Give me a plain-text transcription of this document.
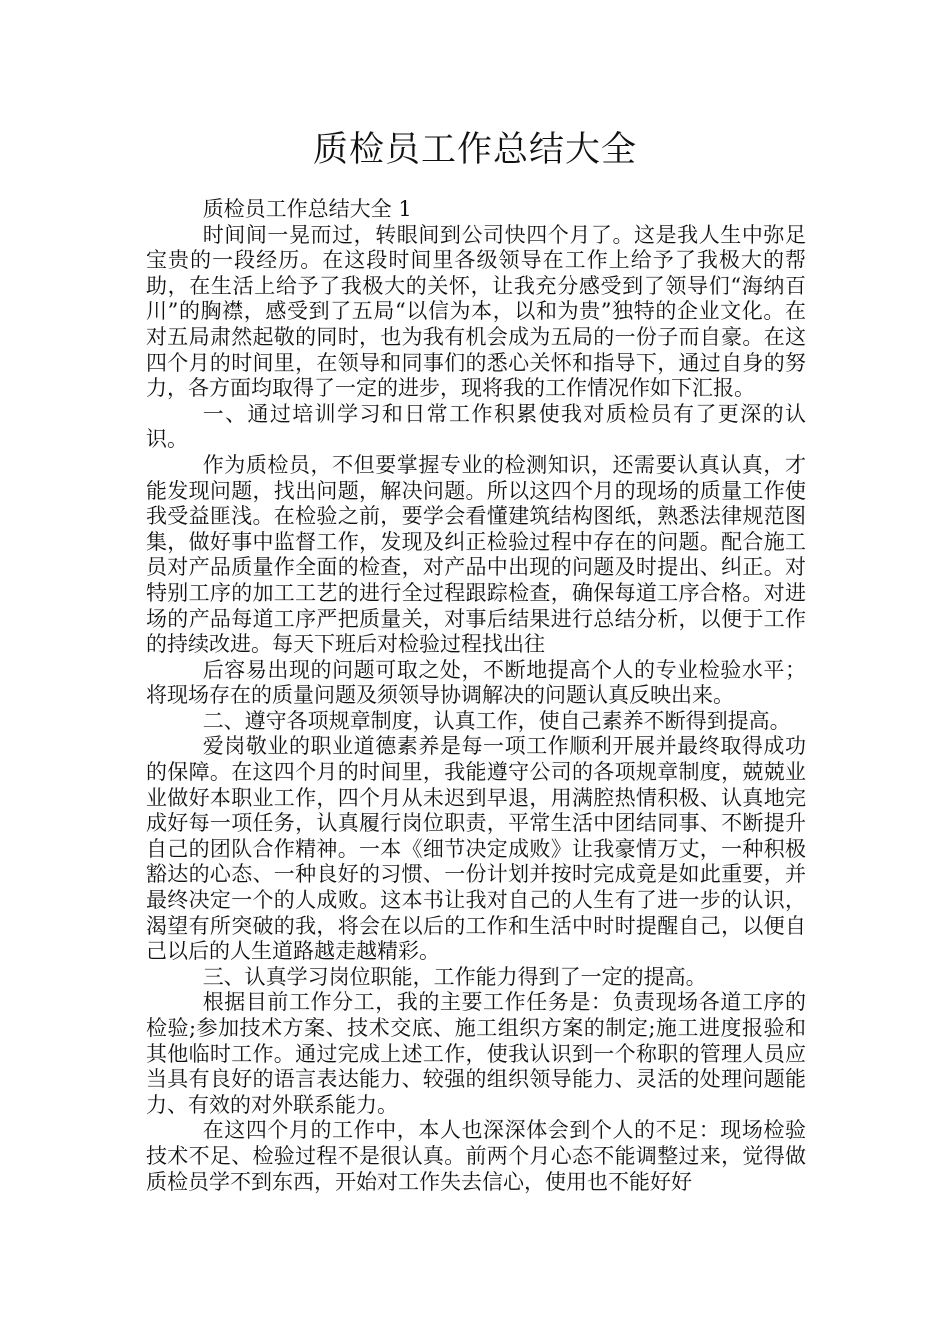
质检员工作总结大全

质检员工作总结大全 1

时间间一晃而过，转眼间到公司快四个月了。这是我人生中弥足宝贵的一段经历。在这段时间里各级领导在工作上给予了我极大的帮助，在生活上给予了我极大的关怀，让我充分感受到了领导们“海纳百川”的胸襟，感受到了五局“以信为本，以和为贵”独特的企业文化。在对五局肃然起敬的同时，也为我有机会成为五局的一份子而自豪。在这四个月的时间里，在领导和同事们的悉心关怀和指导下，通过自身的努力，各方面均取得了一定的进步，现将我的工作情况作如下汇报。

一、通过培训学习和日常工作积累使我对质检员有了更深的认识。

作为质检员，不但要掌握专业的检测知识，还需要认真认真，才能发现问题，找出问题，解决问题。所以这四个月的现场的质量工作使我受益匪浅。在检验之前，要学会看懂建筑结构图纸，熟悉法律规范图集，做好事中监督工作，发现及纠正检验过程中存在的问题。配合施工员对产品质量作全面的检查，对产品中出现的问题及时提出、纠正。对特别工序的加工工艺的进行全过程跟踪检查，确保每道工序合格。对进场的产品每道工序严把质量关，对事后结果进行总结分析，以便于工作的持续改进。每天下班后对检验过程找出往

后容易出现的问题可取之处，不断地提高个人的专业检验水平；将现场存在的质量问题及须领导协调解决的问题认真反映出来。

二、遵守各项规章制度，认真工作，使自己素养不断得到提高。

爱岗敬业的职业道德素养是每一项工作顺利开展并最终取得成功的保障。在这四个月的时间里，我能遵守公司的各项规章制度，兢兢业业做好本职业工作，四个月从未迟到早退，用满腔热情积极、认真地完成好每一项任务，认真履行岗位职责，平常生活中团结同事、不断提升自己的团队合作精神。一本《细节决定成败》让我豪情万丈，一种积极豁达的心态、一种良好的习惯、一份计划并按时完成竟是如此重要，并最终决定一个的人成败。这本书让我对自己的人生有了进一步的认识，渴望有所突破的我，将会在以后的工作和生活中时时提醒自己，以便自己以后的人生道路越走越精彩。

三、认真学习岗位职能，工作能力得到了一定的提高。

根据目前工作分工，我的主要工作任务是：负责现场各道工序的检验;参加技术方案、技术交底、施工组织方案的制定;施工进度报验和其他临时工作。通过完成上述工作，使我认识到一个称职的管理人员应当具有良好的语言表达能力、较强的组织领导能力、灵活的处理问题能力、有效的对外联系能力。

在这四个月的工作中，本人也深深体会到个人的不足：现场检验技术不足、检验过程不是很认真。前两个月心态不能调整过来，觉得做质检员学不到东西，开始对工作失去信心，使用也不能好好
